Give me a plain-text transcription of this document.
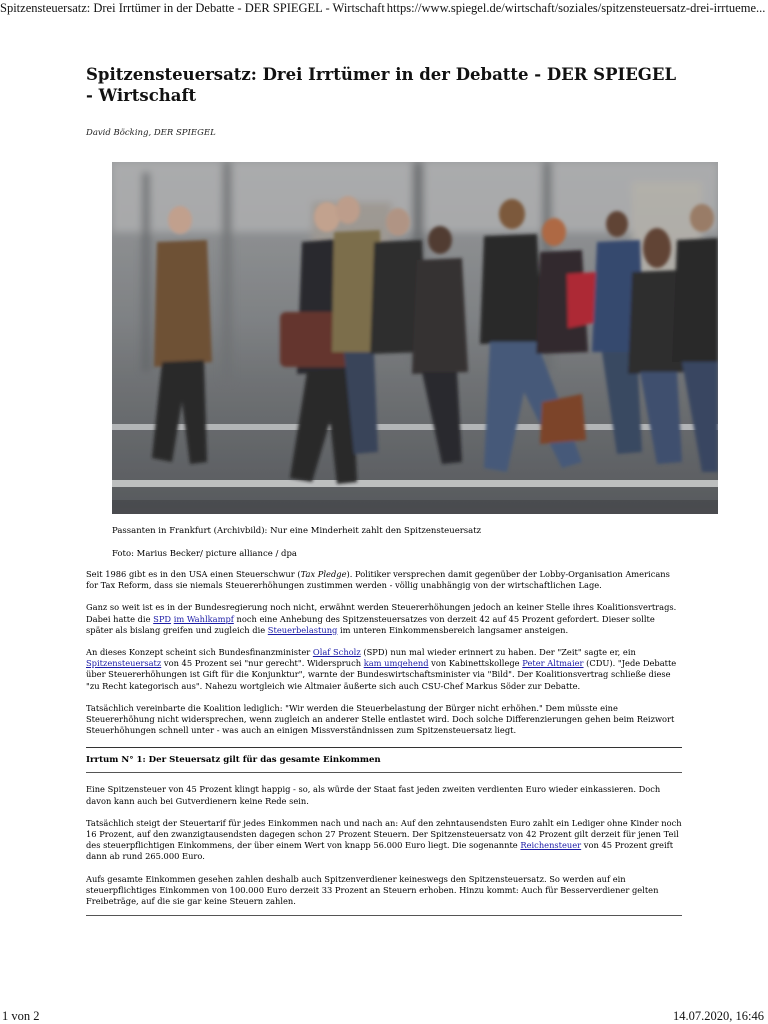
Spitzensteuersatz: Drei Irrtümer in der Debatte - DER SPIEGEL - Wirtschaft https://www.spiegel.de/wirtschaft/soziales/spitzensteuersatz-drei-irrtueme...
Spitzensteuersatz: Drei Irrtümer in der Debatte - DER SPIEGEL - Wirtschaft
David Böcking, DER SPIEGEL

Passanten in Frankfurt (Archivbild): Nur eine Minderheit zahlt den Spitzensteuersatz

Foto: Marius Becker/ picture alliance / dpa

Seit 1986 gibt es in den USA einen Steuerschwur (Tax Pledge). Politiker versprechen damit gegenüber der Lobby-Organisation Americans for Tax Reform, dass sie niemals Steuererhöhungen zustimmen werden - völlig unabhängig von der wirtschaftlichen Lage.

Ganz so weit ist es in der Bundesregierung noch nicht, erwähnt werden Steuererhöhungen jedoch an keiner Stelle ihres Koalitionsvertrags. Dabei hatte die SPD im Wahlkampf noch eine Anhebung des Spitzensteuersatzes von derzeit 42 auf 45 Prozent gefordert. Dieser sollte später als bislang greifen und zugleich die Steuerbelastung im unteren Einkommensbereich langsamer ansteigen.

An dieses Konzept scheint sich Bundesfinanzminister Olaf Scholz (SPD) nun mal wieder erinnert zu haben. Der "Zeit" sagte er, ein Spitzensteuersatz von 45 Prozent sei "nur gerecht". Widerspruch kam umgehend von Kabinettskollege Peter Altmaier (CDU). "Jede Debatte über Steuererhöhungen ist Gift für die Konjunktur", warnte der Bundeswirtschaftsminister via "Bild". Der Koalitionsvertrag schließe diese "zu Recht kategorisch aus". Nahezu wortgleich wie Altmaier äußerte sich auch CSU-Chef Markus Söder zur Debatte.

Tatsächlich vereinbarte die Koalition lediglich: "Wir werden die Steuerbelastung der Bürger nicht erhöhen." Dem müsste eine Steuererhöhung nicht widersprechen, wenn zugleich an anderer Stelle entlastet wird. Doch solche Differenzierungen gehen beim Reizwort Steuerhöhungen schnell unter - was auch an einigen Missverständnissen zum Spitzensteuersatz liegt.

Irrtum N° 1: Der Steuersatz gilt für das gesamte Einkommen

Eine Spitzensteuer von 45 Prozent klingt happig - so, als würde der Staat fast jeden zweiten verdienten Euro wieder einkassieren. Doch davon kann auch bei Gutverdienern keine Rede sein.

Tatsächlich steigt der Steuertarif für jedes Einkommen nach und nach an: Auf den zehntausendsten Euro zahlt ein Lediger ohne Kinder noch 16 Prozent, auf den zwanzigtausendsten dagegen schon 27 Prozent Steuern. Der Spitzensteuersatz von 42 Prozent gilt derzeit für jenen Teil des steuerpflichtigen Einkommens, der über einem Wert von knapp 56.000 Euro liegt. Die sogenannte Reichensteuer von 45 Prozent greift dann ab rund 265.000 Euro.

Aufs gesamte Einkommen gesehen zahlen deshalb auch Spitzenverdiener keineswegs den Spitzensteuersatz. So werden auf ein steuerpflichtiges Einkommen von 100.000 Euro derzeit 33 Prozent an Steuern erhoben. Hinzu kommt: Auch für Besserverdiener gelten Freibeträge, auf die sie gar keine Steuern zahlen.

1 von 2	14.07.2020, 16:46
